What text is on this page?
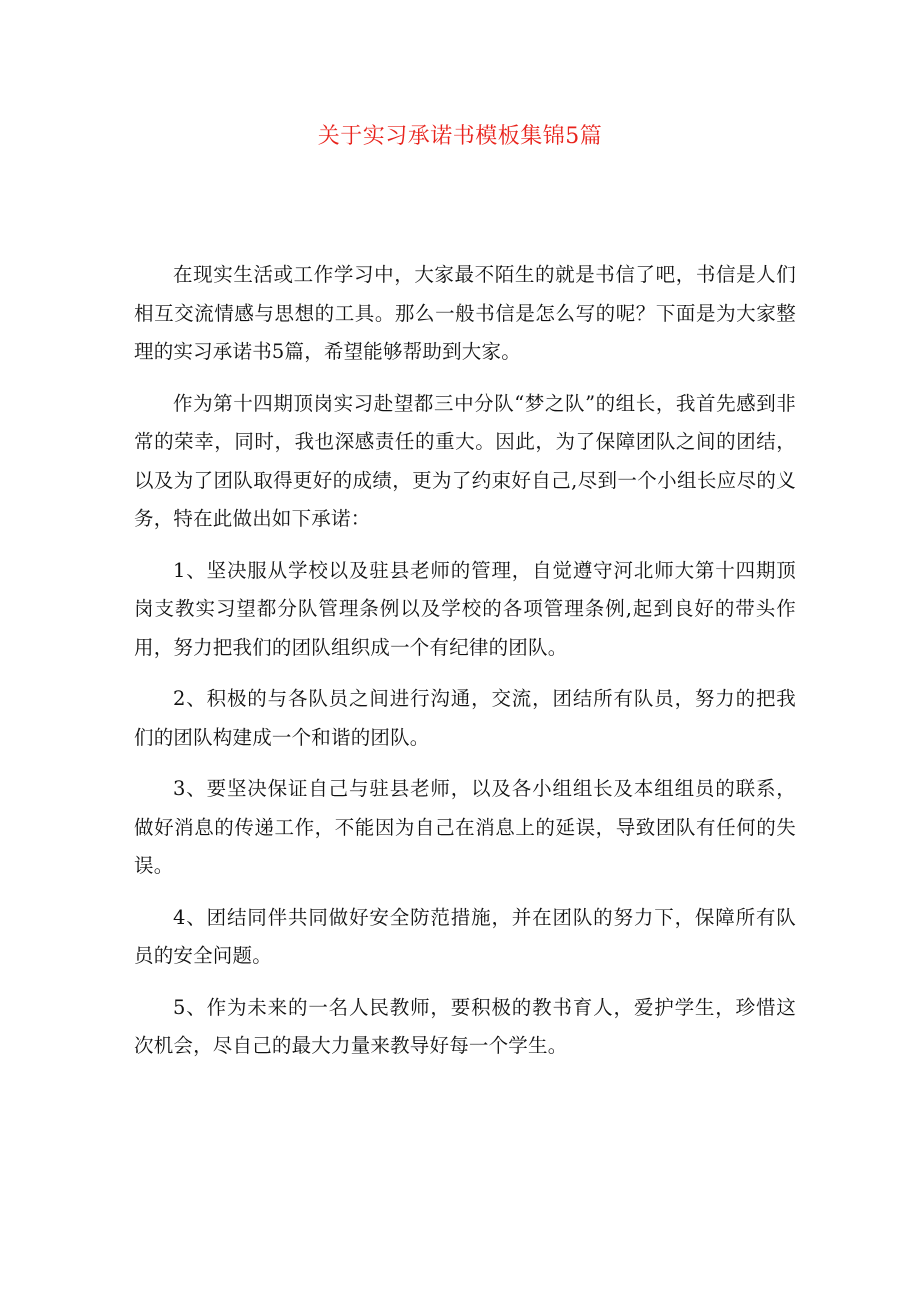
关于实习承诺书模板集锦5篇

在现实生活或工作学习中，大家最不陌生的就是书信了吧，书信是人们相互交流情感与思想的工具。那么一般书信是怎么写的呢？下面是为大家整理的实习承诺书5篇，希望能够帮助到大家。

作为第十四期顶岗实习赴望都三中分队“梦之队”的组长，我首先感到非常的荣幸，同时，我也深感责任的重大。因此，为了保障团队之间的团结，以及为了团队取得更好的成绩，更为了约束好自己,尽到一个小组长应尽的义务，特在此做出如下承诺：

1、坚决服从学校以及驻县老师的管理，自觉遵守河北师大第十四期顶岗支教实习望都分队管理条例以及学校的各项管理条例,起到良好的带头作用，努力把我们的团队组织成一个有纪律的团队。

2、积极的与各队员之间进行沟通，交流，团结所有队员，努力的把我们的团队构建成一个和谐的团队。

3、要坚决保证自己与驻县老师，以及各小组组长及本组组员的联系，做好消息的传递工作，不能因为自己在消息上的延误，导致团队有任何的失误。

4、团结同伴共同做好安全防范措施，并在团队的努力下，保障所有队员的安全问题。

5、作为未来的一名人民教师，要积极的教书育人，爱护学生，珍惜这次机会，尽自己的最大力量来教导好每一个学生。
